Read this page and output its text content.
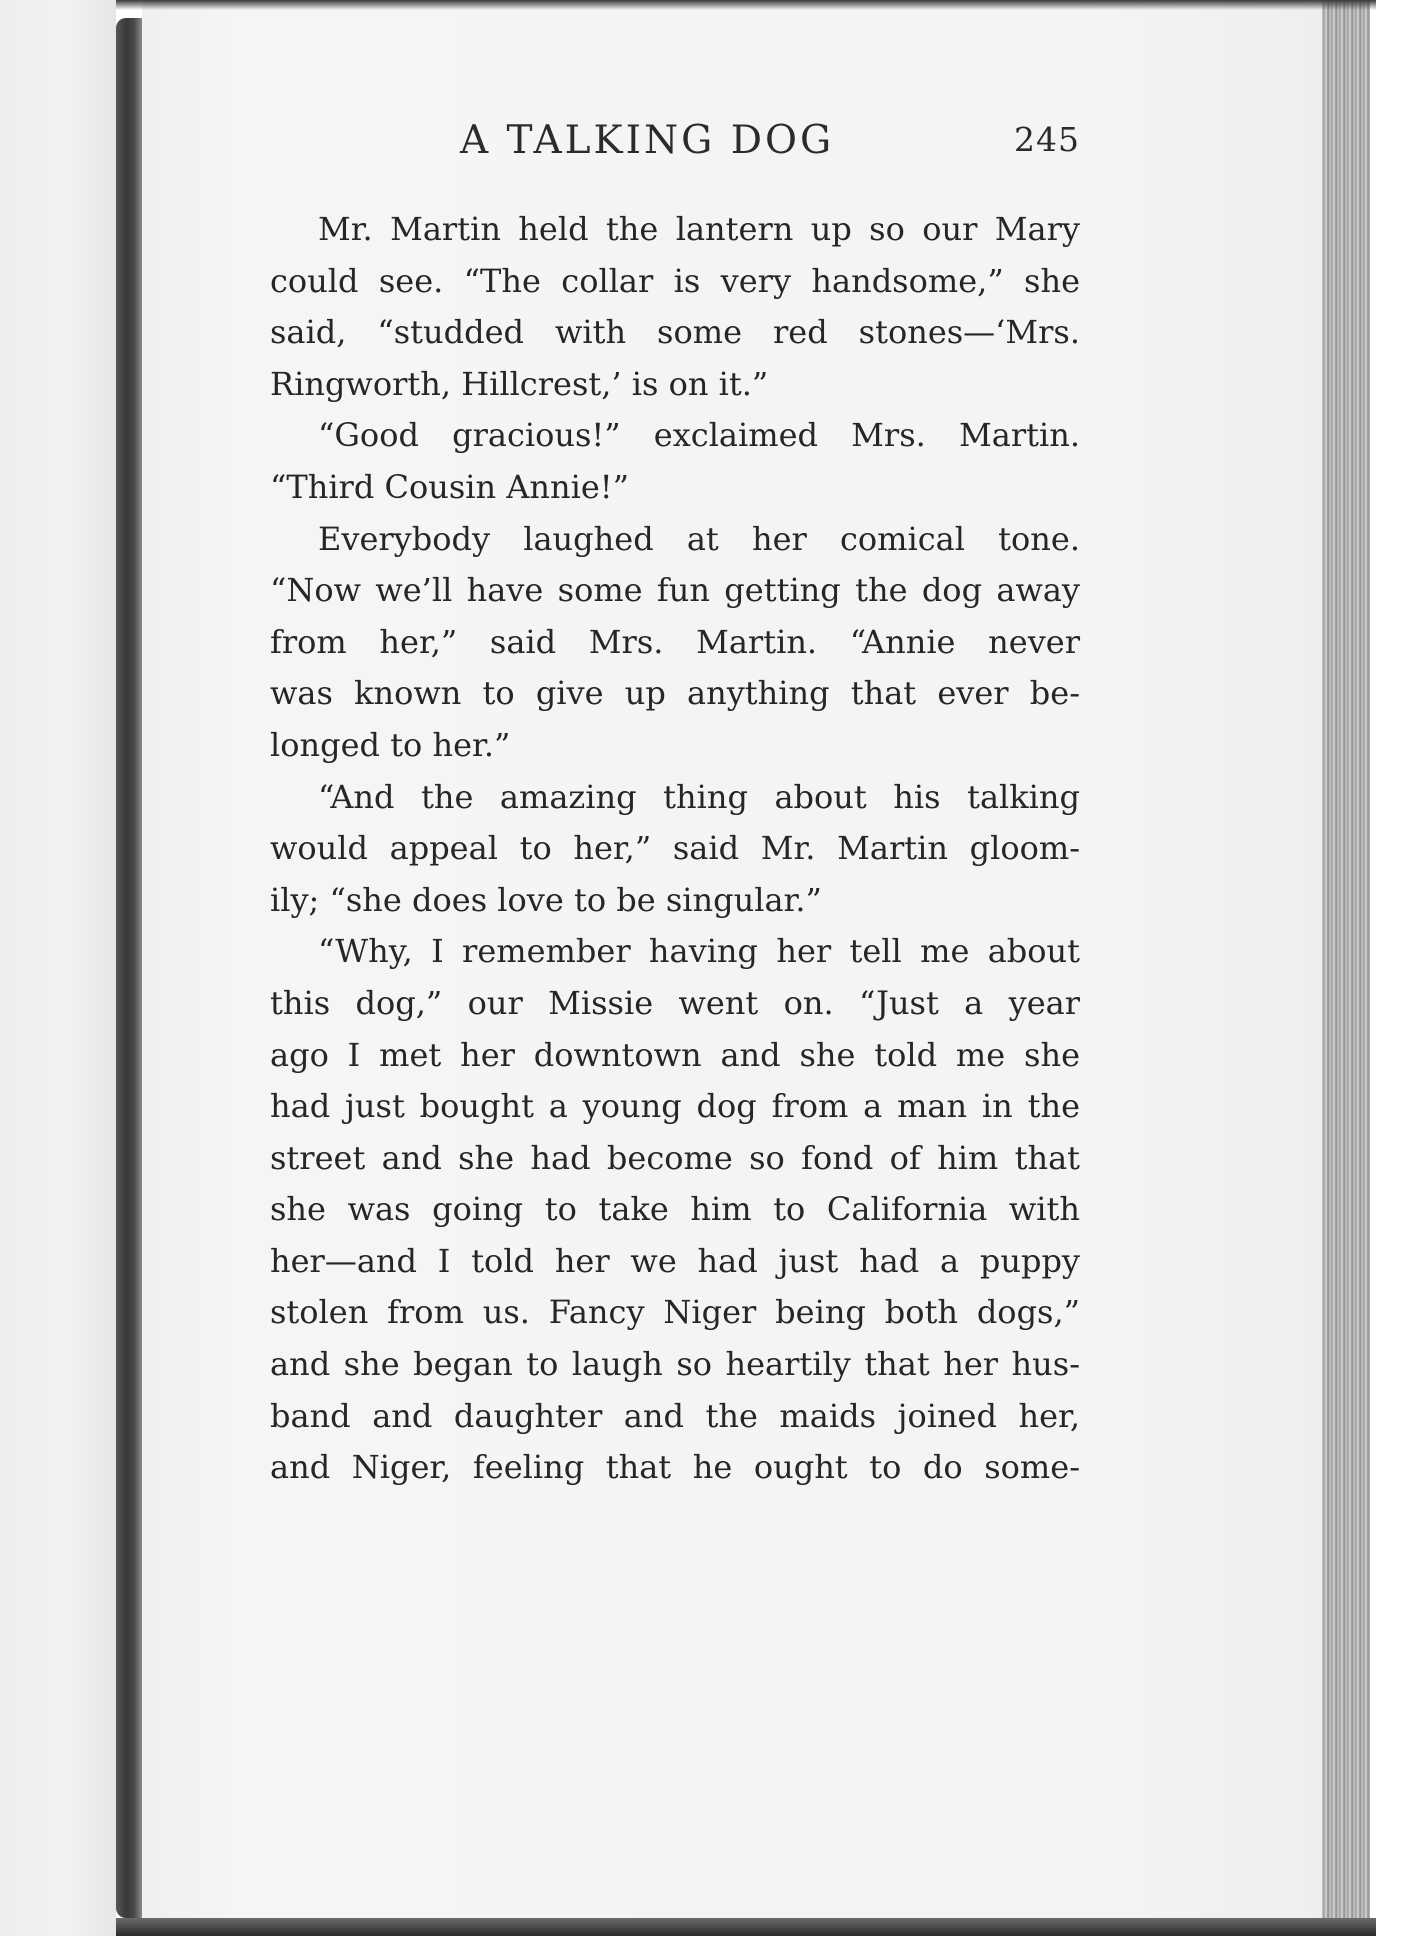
A TALKING DOG	245
Mr. Martin held the lantern up so our Mary
could see. “The collar is very handsome,” she
said, “studded with some red stones—‘Mrs.
Ringworth, Hillcrest,’ is on it.”
“Good gracious!” exclaimed Mrs. Martin.
“Third Cousin Annie!”
Everybody laughed at her comical tone.
“Now we’ll have some fun getting the dog away
from her,” said Mrs. Martin. “Annie never
was known to give up anything that ever be-
longed to her.”
“And the amazing thing about his talking
would appeal to her,” said Mr. Martin gloom-
ily; “she does love to be singular.”
“Why, I remember having her tell me about
this dog,” our Missie went on. “Just a year
ago I met her downtown and she told me she
had just bought a young dog from a man in the
street and she had become so fond of him that
she was going to take him to California with
her—and I told her we had just had a puppy
stolen from us. Fancy Niger being both dogs,”
and she began to laugh so heartily that her hus-
band and daughter and the maids joined her,
and Niger, feeling that he ought to do some-
